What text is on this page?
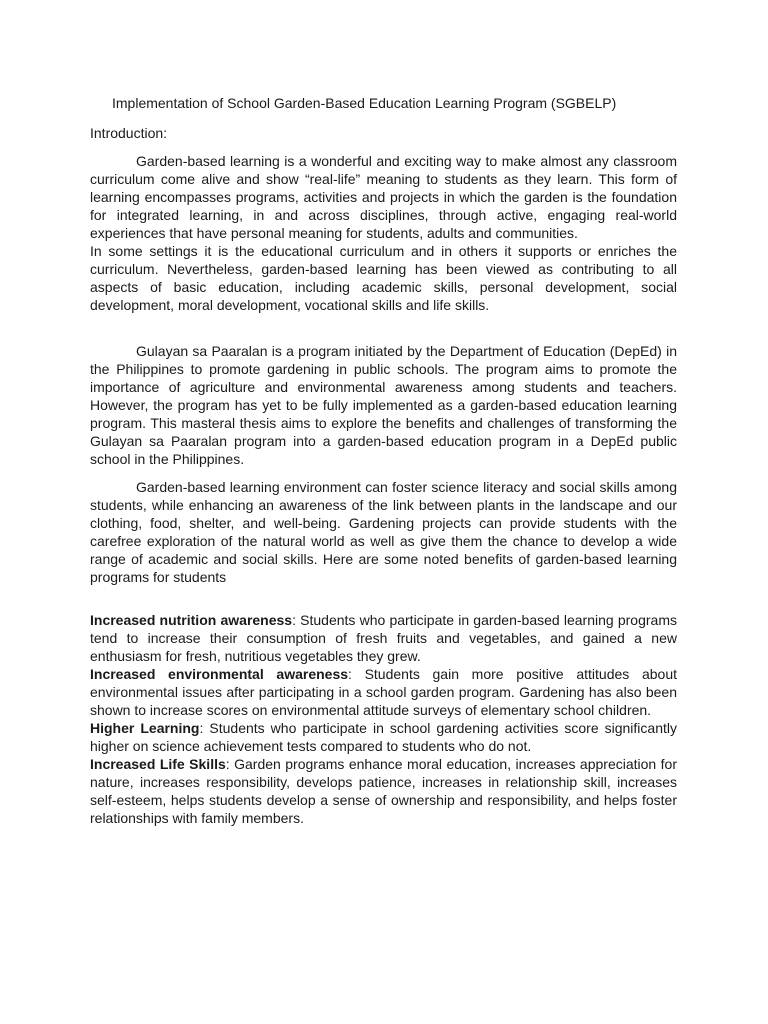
Implementation of School Garden-Based Education Learning Program (SGBELP)
Introduction:

Garden-based learning is a wonderful and exciting way to make almost any classroom curriculum come alive and show “real-life” meaning to students as they learn. This form of learning encompasses programs, activities and projects in which the garden is the foundation for integrated learning, in and across disciplines, through active, engaging real-world experiences that have personal meaning for students, adults and communities.

In some settings it is the educational curriculum and in others it supports or enriches the curriculum. Nevertheless, garden-based learning has been viewed as contributing to all aspects of basic education, including academic skills, personal development, social development, moral development, vocational skills and life skills.

Gulayan sa Paaralan is a program initiated by the Department of Education (DepEd) in the Philippines to promote gardening in public schools. The program aims to promote the importance of agriculture and environmental awareness among students and teachers. However, the program has yet to be fully implemented as a garden-based education learning program. This masteral thesis aims to explore the benefits and challenges of transforming the Gulayan sa Paaralan program into a garden-based education program in a DepEd public school in the Philippines.

Garden-based learning environment can foster science literacy and social skills among students, while enhancing an awareness of the link between plants in the landscape and our clothing, food, shelter, and well-being. Gardening projects can provide students with the carefree exploration of the natural world as well as give them the chance to develop a wide range of academic and social skills. Here are some noted benefits of garden-based learning programs for students

Increased nutrition awareness: Students who participate in garden-based learning programs tend to increase their consumption of fresh fruits and vegetables, and gained a new enthusiasm for fresh, nutritious vegetables they grew.

Increased environmental awareness: Students gain more positive attitudes about environmental issues after participating in a school garden program. Gardening has also been shown to increase scores on environmental attitude surveys of elementary school children.

Higher Learning: Students who participate in school gardening activities score significantly higher on science achievement tests compared to students who do not.

Increased Life Skills: Garden programs enhance moral education, increases appreciation for nature, increases responsibility, develops patience, increases in relationship skill, increases self-esteem, helps students develop a sense of ownership and responsibility, and helps foster relationships with family members.
